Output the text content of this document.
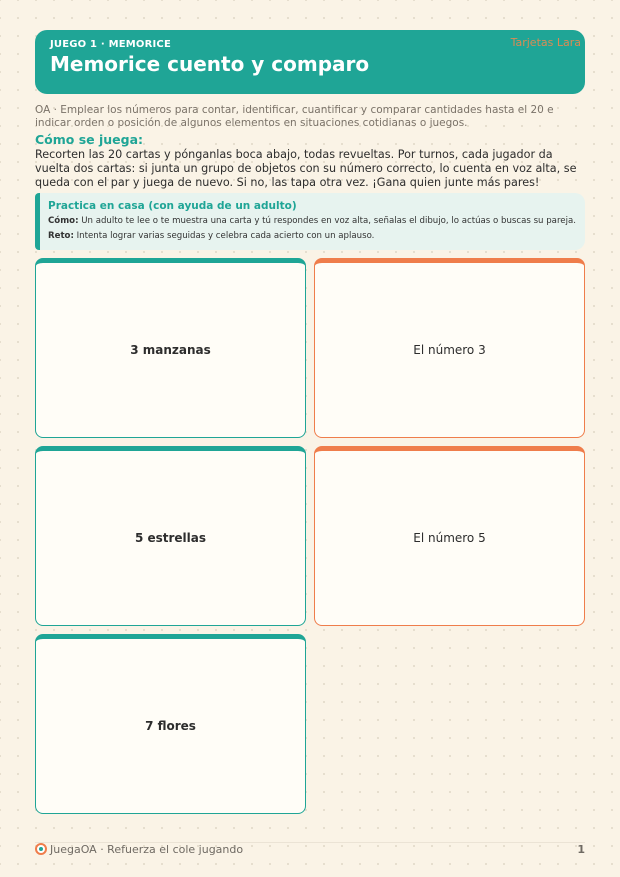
JUEGO 1 · MEMORICE
Memorice cuento y comparo
Tarjetas Lara
OA · Emplear los números para contar, identificar, cuantificar y comparar cantidades hasta el 20 e indicar orden o posición de algunos elementos en situaciones cotidianas o juegos.
Cómo se juega:
Recorten las 20 cartas y pónganlas boca abajo, todas revueltas. Por turnos, cada jugador da vuelta dos cartas: si junta un grupo de objetos con su número correcto, lo cuenta en voz alta, se queda con el par y juega de nuevo. Si no, las tapa otra vez. ¡Gana quien junte más pares!
Practica en casa (con ayuda de un adulto)
Cómo: Un adulto te lee o te muestra una carta y tú respondes en voz alta, señalas el dibujo, lo actúas o buscas su pareja.
Reto: Intenta lograr varias seguidas y celebra cada acierto con un aplauso.
3 manzanas	El número 3
5 estrellas	El número 5
7 flores
JuegaOA · Refuerza el cole jugando	1
